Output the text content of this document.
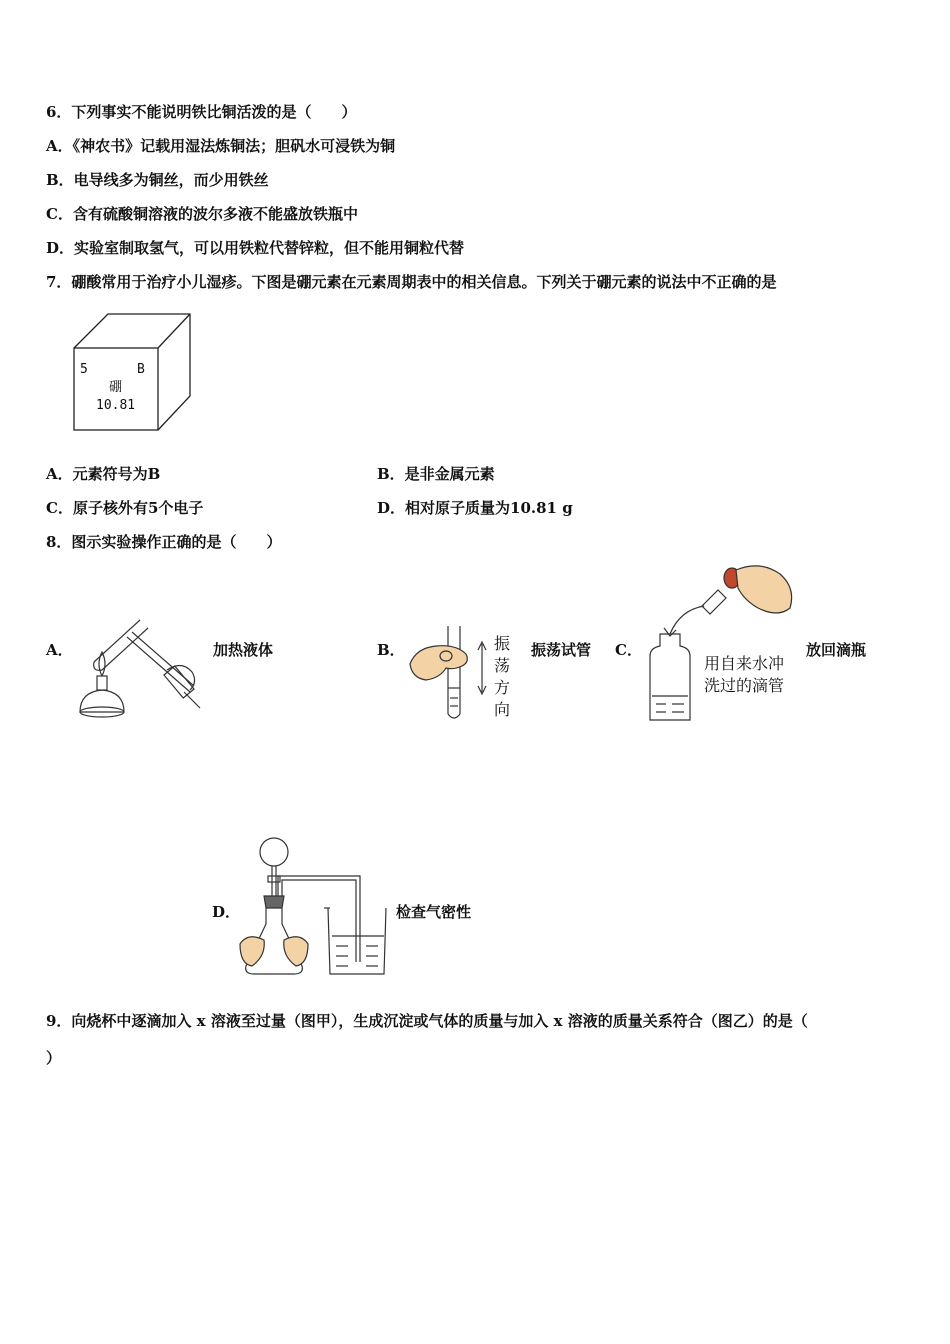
6．下列事实不能说明铁比铜活泼的是（　　）
A．《神农书》记载用湿法炼铜法；胆矾水可浸铁为铜
B．电导线多为铜丝，而少用铁丝
C．含有硫酸铜溶液的波尔多液不能盛放铁瓶中
D．实验室制取氢气，可以用铁粒代替锌粒，但不能用铜粒代替
7．硼酸常用于治疗小儿湿疹。下图是硼元素在元素周期表中的相关信息。下列关于硼元素的说法中不正确的是
5	B
硼
10.81
A．元素符号为B	B．是非金属元素
C．原子核外有5个电子	D．相对原子质量为10.81 g
8．图示实验操作正确的是（　　）
A．	加热液体	B．	振
荡
方
向
振荡试管 C．
用自来水冲
洗过的滴管
放回滴瓶
D．	检查气密性
9．向烧杯中逐滴加入 x 溶液至过量（图甲），生成沉淀或气体的质量与加入 x 溶液的质量关系符合（图乙）的是（
）
